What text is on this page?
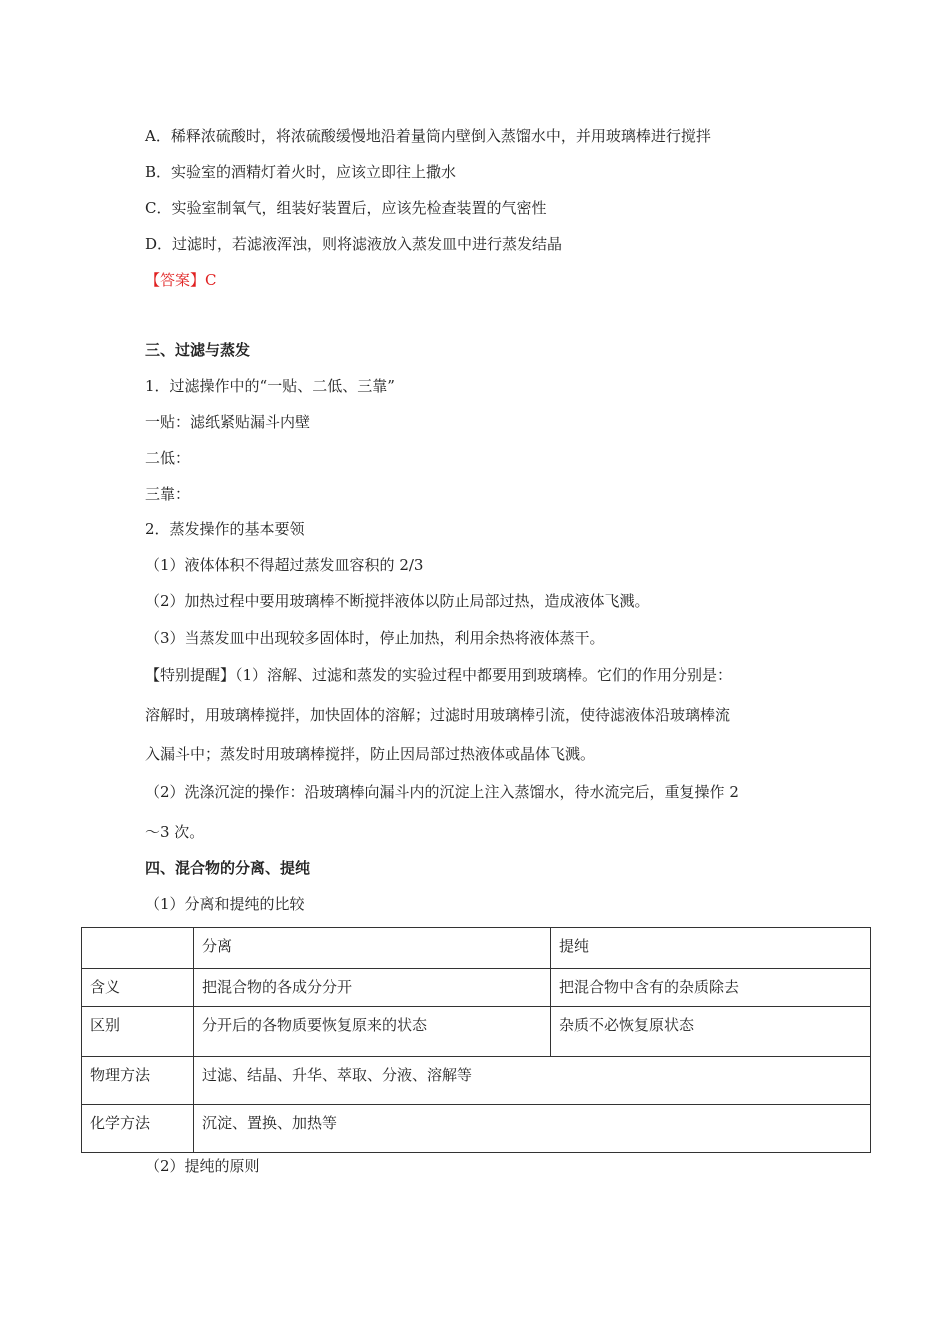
A．稀释浓硫酸时，将浓硫酸缓慢地沿着量筒内壁倒入蒸馏水中，并用玻璃棒进行搅拌
B．实验室的酒精灯着火时，应该立即往上撒水
C．实验室制氧气，组装好装置后，应该先检查装置的气密性
D．过滤时，若滤液浑浊，则将滤液放入蒸发皿中进行蒸发结晶
【答案】C
三、过滤与蒸发
1．过滤操作中的“一贴、二低、三靠”
一贴：滤纸紧贴漏斗内壁
二低：
三靠：
2．蒸发操作的基本要领
（1）液体体积不得超过蒸发皿容积的 2/3
（2）加热过程中要用玻璃棒不断搅拌液体以防止局部过热，造成液体飞溅。
（3）当蒸发皿中出现较多固体时，停止加热，利用余热将液体蒸干。
【特别提醒】（1）溶解、过滤和蒸发的实验过程中都要用到玻璃棒。它们的作用分别是：
溶解时，用玻璃棒搅拌，加快固体的溶解；过滤时用玻璃棒引流，使待滤液体沿玻璃棒流
入漏斗中；蒸发时用玻璃棒搅拌，防止因局部过热液体或晶体飞溅。
（2）洗涤沉淀的操作：沿玻璃棒向漏斗内的沉淀上注入蒸馏水，待水流完后，重复操作 2
～3 次。
四、混合物的分离、提纯
（1）分离和提纯的比较
	分离	提纯
含义	把混合物的各成分分开	把混合物中含有的杂质除去
区别	分开后的各物质要恢复原来的状态	杂质不必恢复原状态
物理方法	过滤、结晶、升华、萃取、分液、溶解等	
化学方法	沉淀、置换、加热等	
（2）提纯的原则
